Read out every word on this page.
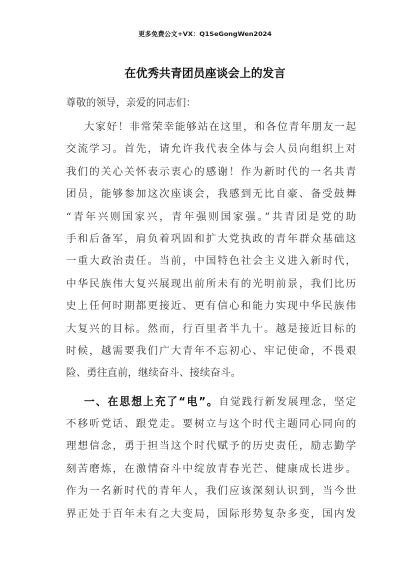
更多免费公文+VX：Q1SeGongWen2024
在优秀共青团员座谈会上的发言
尊敬的领导，亲爱的同志们：
大家好！非常荣幸能够站在这里，和各位青年朋友一起
交流学习。首先，请允许我代表全体与会人员向组织上对
我们的关心关怀表示衷心的感谢！作为新时代的一名共青
团员，能够参加这次座谈会，我感到无比自豪、备受鼓舞
“青年兴则国家兴，青年强则国家强。”共青团是党的助
手和后备军，肩负着巩固和扩大党执政的青年群众基础这
一重大政治责任。当前，中国特色社会主义进入新时代，
中华民族伟大复兴展现出前所未有的光明前景，我们比历
史上任何时期都更接近、更有信心和能力实现中华民族伟
大复兴的目标。然而，行百里者半九十。越是接近目标的
时候，越需要我们广大青年不忘初心、牢记使命，不畏艰
险、勇往直前，继续奋斗、接续奋斗。
一、在思想上充了“电”。自觉践行新发展理念，坚定
不移听党话、跟党走。要树立与这个时代主题同心同向的
理想信念，勇于担当这个时代赋予的历史责任，励志勤学
刻苦磨炼，在激情奋斗中绽放青春光芒、健康成长进步。
作为一名新时代的青年人，我们应该深刻认识到，当今世
界正处于百年未有之大变局，国际形势复杂多变，国内发
